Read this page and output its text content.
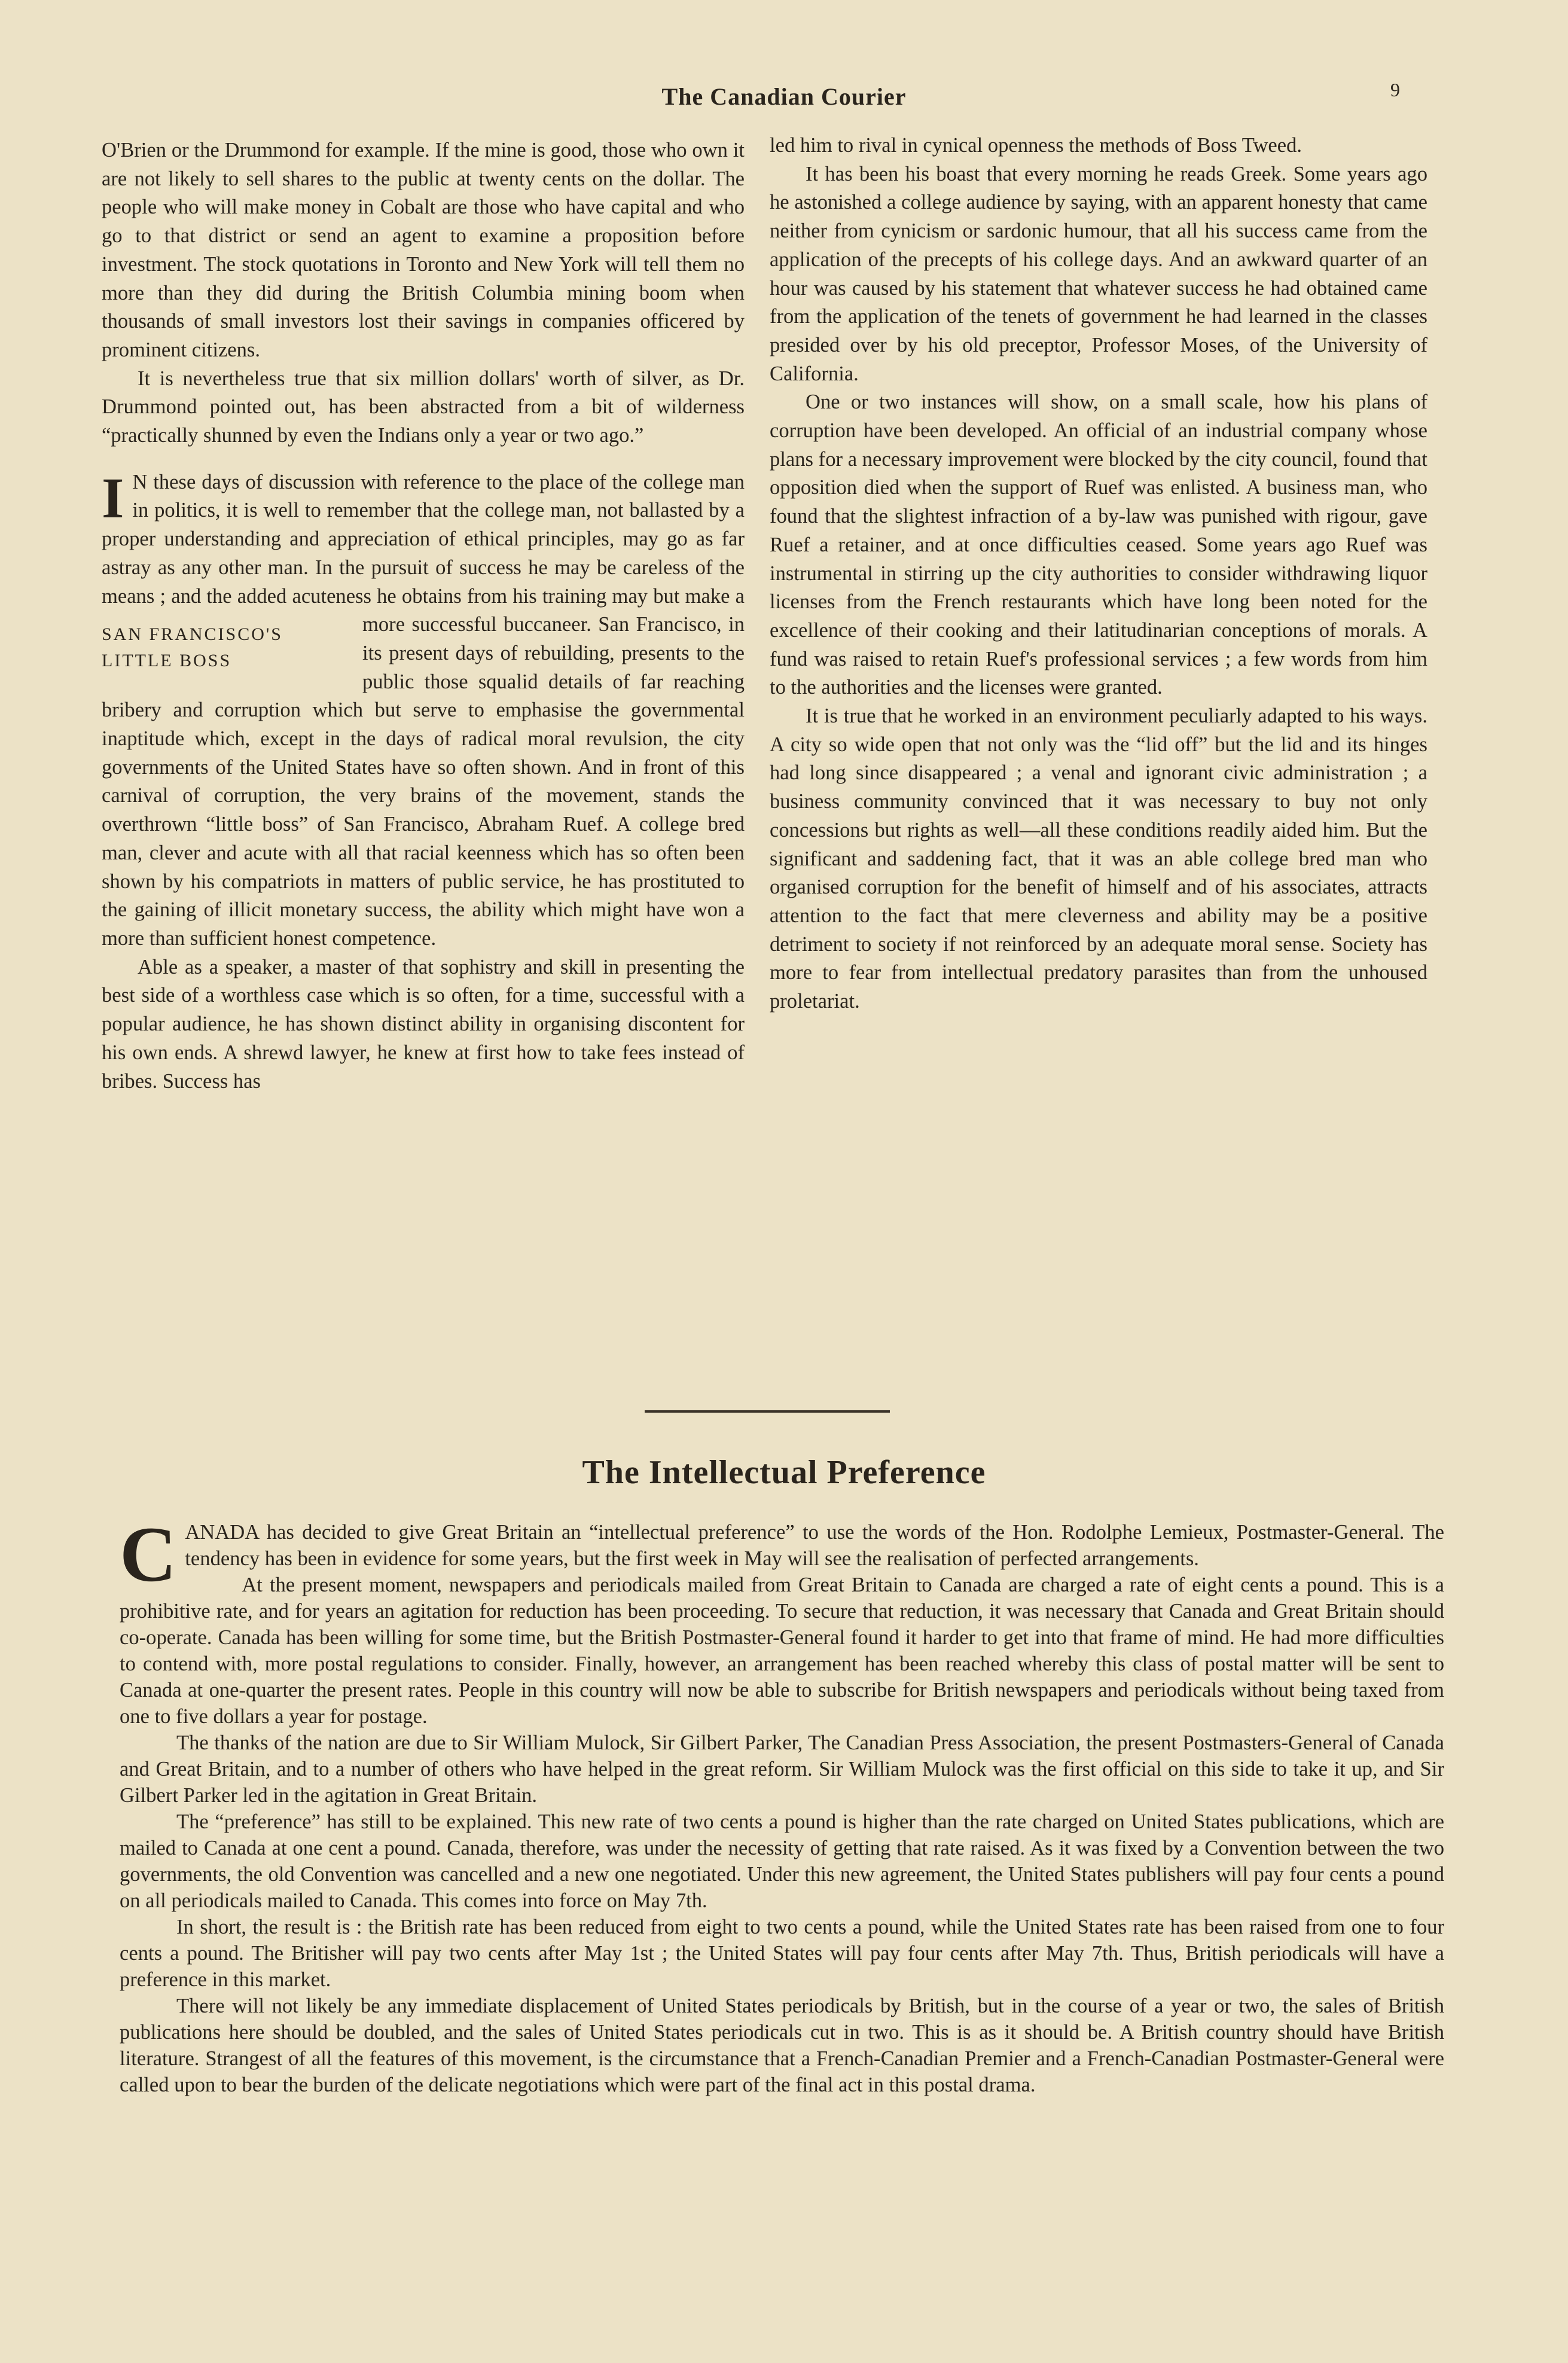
The Canadian Courier	9

O'Brien or the Drummond for example. If the mine is good, those who own it are not likely to sell shares to the public at twenty cents on the dollar. The people who will make money in Cobalt are those who have capital and who go to that district or send an agent to examine a proposition before investment. The stock quotations in Toronto and New York will tell them no more than they did during the British Columbia mining boom when thousands of small investors lost their savings in companies officered by prominent citizens.

It is nevertheless true that six million dollars' worth of silver, as Dr. Drummond pointed out, has been abstracted from a bit of wilderness “practically shunned by even the Indians only a year or two ago.”

I N these days of discussion with reference to the place of the college man in politics, it is well to remember that the college man, not ballasted by a proper understanding and appreciation of ethical principles, may go as far astray as any other man. In the pursuit of success he may be careless of the means ; and the added acuteness he obtains from his training may but make a more successful buccaneer.
SAN FRANCISCO'S
LITTLE BOSS
San Francisco, in its present days of rebuilding, presents to the public those squalid details of far reaching bribery and corruption which but serve to emphasise the governmental inaptitude which, except in the days of radical moral revulsion, the city governments of the United States have so often shown. And in front of this carnival of corruption, the very brains of the movement, stands the overthrown “little boss” of San Francisco, Abraham Ruef. A college bred man, clever and acute with all that racial keenness which has so often been shown by his compatriots in matters of public service, he has prostituted to the gaining of illicit monetary success, the ability which might have won a more than sufficient honest competence.

Able as a speaker, a master of that sophistry and skill in presenting the best side of a worthless case which is so often, for a time, successful with a popular audience, he has shown distinct ability in organising discontent for his own ends. A shrewd lawyer, he knew at first how to take fees instead of bribes. Success has

led him to rival in cynical openness the methods of Boss Tweed.

It has been his boast that every morning he reads Greek. Some years ago he astonished a college audience by saying, with an apparent honesty that came neither from cynicism or sardonic humour, that all his success came from the application of the precepts of his college days. And an awkward quarter of an hour was caused by his statement that whatever success he had obtained came from the application of the tenets of government he had learned in the classes presided over by his old preceptor, Professor Moses, of the University of California.

One or two instances will show, on a small scale, how his plans of corruption have been developed. An official of an industrial company whose plans for a necessary improvement were blocked by the city council, found that opposition died when the support of Ruef was enlisted. A business man, who found that the slightest infraction of a by-law was punished with rigour, gave Ruef a retainer, and at once difficulties ceased. Some years ago Ruef was instrumental in stirring up the city authorities to consider withdrawing liquor licenses from the French restaurants which have long been noted for the excellence of their cooking and their latitudinarian conceptions of morals. A fund was raised to retain Ruef's professional services ; a few words from him to the authorities and the licenses were granted.

It is true that he worked in an environment peculiarly adapted to his ways. A city so wide open that not only was the “lid off” but the lid and its hinges had long since disappeared ; a venal and ignorant civic administration ; a business community convinced that it was necessary to buy not only concessions but rights as well—all these conditions readily aided him. But the significant and saddening fact, that it was an able college bred man who organised corruption for the benefit of himself and of his associates, attracts attention to the fact that mere cleverness and ability may be a positive detriment to society if not reinforced by an adequate moral sense. Society has more to fear from intellectual predatory parasites than from the unhoused proletariat.

The Intellectual Preference

C ANADA has decided to give Great Britain an “intellectual preference” to use the words of the Hon. Rodolphe Lemieux, Postmaster-General. The tendency has been in evidence for some years, but the first week in May will see the realisation of perfected arrangements.

At the present moment, newspapers and periodicals mailed from Great Britain to Canada are charged a rate of eight cents a pound. This is a prohibitive rate, and for years an agitation for reduction has been proceeding. To secure that reduction, it was necessary that Canada and Great Britain should co-operate. Canada has been willing for some time, but the British Postmaster-General found it harder to get into that frame of mind. He had more difficulties to contend with, more postal regulations to consider. Finally, however, an arrangement has been reached whereby this class of postal matter will be sent to Canada at one-quarter the present rates. People in this country will now be able to subscribe for British newspapers and periodicals without being taxed from one to five dollars a year for postage.

The thanks of the nation are due to Sir William Mulock, Sir Gilbert Parker, The Canadian Press Association, the present Postmasters-General of Canada and Great Britain, and to a number of others who have helped in the great reform. Sir William Mulock was the first official on this side to take it up, and Sir Gilbert Parker led in the agitation in Great Britain.

The “preference” has still to be explained. This new rate of two cents a pound is higher than the rate charged on United States publications, which are mailed to Canada at one cent a pound. Canada, therefore, was under the necessity of getting that rate raised. As it was fixed by a Convention between the two governments, the old Convention was cancelled and a new one negotiated. Under this new agreement, the United States publishers will pay four cents a pound on all periodicals mailed to Canada. This comes into force on May 7th.

In short, the result is : the British rate has been reduced from eight to two cents a pound, while the United States rate has been raised from one to four cents a pound. The Britisher will pay two cents after May 1st ; the United States will pay four cents after May 7th. Thus, British periodicals will have a preference in this market.

There will not likely be any immediate displacement of United States periodicals by British, but in the course of a year or two, the sales of British publications here should be doubled, and the sales of United States periodicals cut in two. This is as it should be. A British country should have British literature. Strangest of all the features of this movement, is the circumstance that a French-Canadian Premier and a French-Canadian Postmaster-General were called upon to bear the burden of the delicate negotiations which were part of the final act in this postal drama.
